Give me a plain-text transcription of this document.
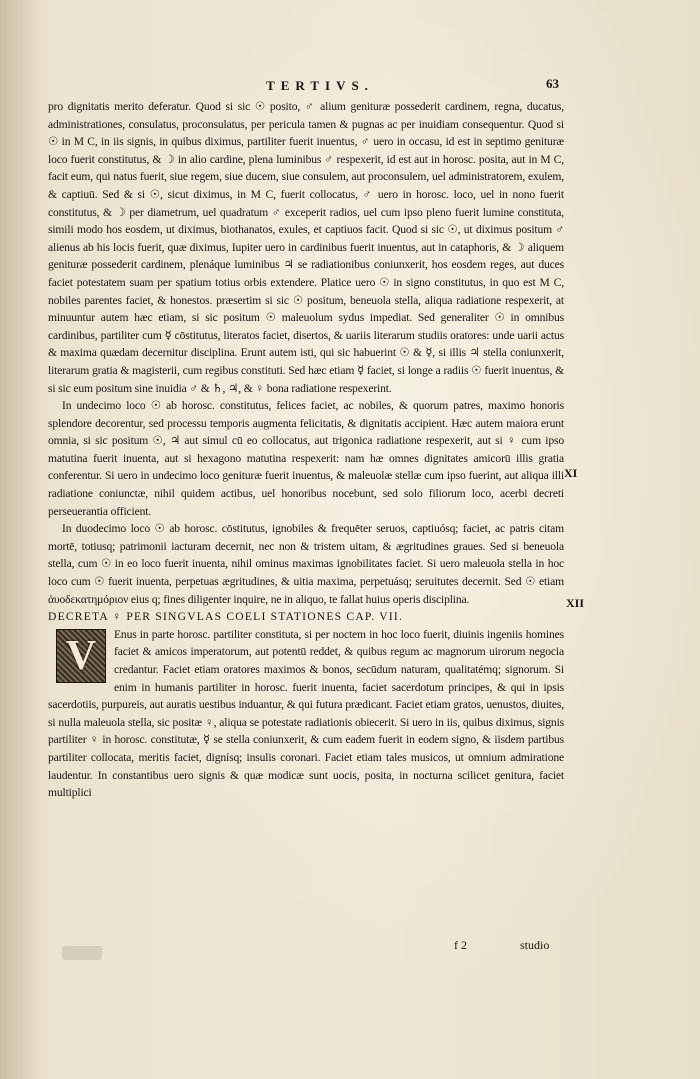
TERTIVS.	63

pro dignitatis merito deferatur. Quod si sic ☉ posito, ♂ alium genituræ possederit cardinem, regna, ducatus, administrationes, consulatus, proconsulatus, per pericula tamen & pugnas ac per inuidiam consequentur. Quod si ☉ in M C, in iis signis, in quibus diximus, partiliter fuerit inuentus, ♂ uero in occasu, id est in septimo genituræ loco fuerit constitutus, & ☽ in alio cardine, plena luminibus ♂ respexerit, id est aut in horosc. posita, aut in M C, facit eum, qui natus fuerit, siue regem, siue ducem, siue consulem, aut proconsulem, uel administratorem, exulem, & captiuū. Sed & si ☉, sicut diximus, in M C, fuerit collocatus, ♂ uero in horosc. loco, uel in nono fuerit constitutus, & ☽ per diametrum, uel quadratum ♂ exceperit radios, uel cum ipso pleno fuerit lumine constituta, simili modo hos eosdem, ut diximus, biothanatos, exules, et captiuos facit. Quod si sic ☉, ut diximus positum ♂ alienus ab his locis fuerit, quæ diximus, Iupiter uero in cardinibus fuerit inuentus, aut in cataphoris, & ☽ aliquem genituræ possederit cardinem, plenáque luminibus ♃ se radiationibus coniunxerit, hos eosdem reges, aut duces faciet potestatem suam per spatium totius orbis extendere. Platice uero ☉ in signo constitutus, in quo est M C, nobiles parentes faciet, & honestos. præsertim si sic ☉ positum, beneuola stella, aliqua radiatione respexerit, at minuuntur autem hæc etiam, si sic positum ☉ maleuolum sydus impediat. Sed generaliter ☉ in omnibus cardinibus, partiliter cum ☿ cōstitutus, literatos faciet, disertos, & uariis literarum studiis oratores: unde uarii actus & maxima quædam decernitur disciplina. Erunt autem isti, qui sic habuerint ☉ & ☿, si illis ♃ stella coniunxerit, literarum gratia & magisterii, cum regibus constituti. Sed hæc etiam ☿ faciet, si longe a radiis ☉ fuerit inuentus, & si sic eum positum sine inuidia ♂ & ♄, ♃, & ♀ bona radiatione respexerint.

In undecimo loco ☉ ab horosc. constitutus, felices faciet, ac nobiles, & quorum patres, maximo honoris splendore decorentur, sed processu temporis augmenta felicitatis, & dignitatis accipient. Hæc autem maiora erunt omnia, si sic positum ☉, ♃ aut simul cū eo collocatus, aut trigonica radiatione respexerit, aut si ♀ cum ipso matutina fuerit inuenta, aut si hexagono matutina respexerit: nam hæ omnes dignitates amicorū illis gratia conferentur. Si uero in undecimo loco genituræ fuerit inuentus, & maleuolæ stellæ cum ipso fuerint, aut aliqua illi radiatione coniunctæ, nihil quidem actibus, uel honoribus nocebunt, sed solo filiorum loco, acerbi decreti perseuerantia officient.

In duodecimo loco ☉ ab horosc. cōstitutus, ignobiles & frequēter seruos, captiuósq; faciet, ac patris citam mortē, totiusq; patrimonii iacturam decernit, nec non & tristem uitam, & ægritudines graues. Sed si beneuola stella, cum ☉ in eo loco fuerit inuenta, nihil ominus maximas ignobilitates faciet. Si uero maleuola stella in hoc loco cum ☉ fuerit inuenta, perpetuas ægritudines, & uitia maxima, perpetuásq; seruitutes decernit. Sed ☉ etiam ἀυοδεκατημόριον eius q; fines diligenter inquire, ne in aliquo, te fallat huius operis disciplina.

DECRETA ♀ PER SINGVLAS COELI STATIONES CAP. VII.

V	Enus in parte horosc. partiliter constituta, si per noctem in hoc loco fuerit, diuinis ingeniis homines faciet & amicos imperatorum, aut potentū reddet, & quibus regum ac magnorum uirorum negocia credantur. Faciet etiam oratores maximos & bonos, secūdum naturam, qualitatémq; signorum. Si enim in humanis partiliter in horosc. fuerit inuenta, faciet sacerdotum principes, & qui in ipsis sacerdotiis, purpureis, aut auratis uestibus induantur, & qui futura prædicant. Faciet etiam gratos, uenustos, diuites, si nulla maleuola stella, sic positæ ♀, aliqua se potestate radiationis obiecerit. Si uero in iis, quibus diximus, signis partiliter ♀ in horosc. constitutæ, ☿ se stella coniunxerit, & cum eadem fuerit in eodem signo, & iisdem partibus partiliter collocata, meritis faciet, dignísq; insulis coronari. Faciet etiam tales musicos, ut omnium admiratione laudentur. In constantibus uero signis & quæ modicæ sunt uocis, posita, in nocturna scilicet genitura, faciet multiplici

XI
XII
f 2	studio
